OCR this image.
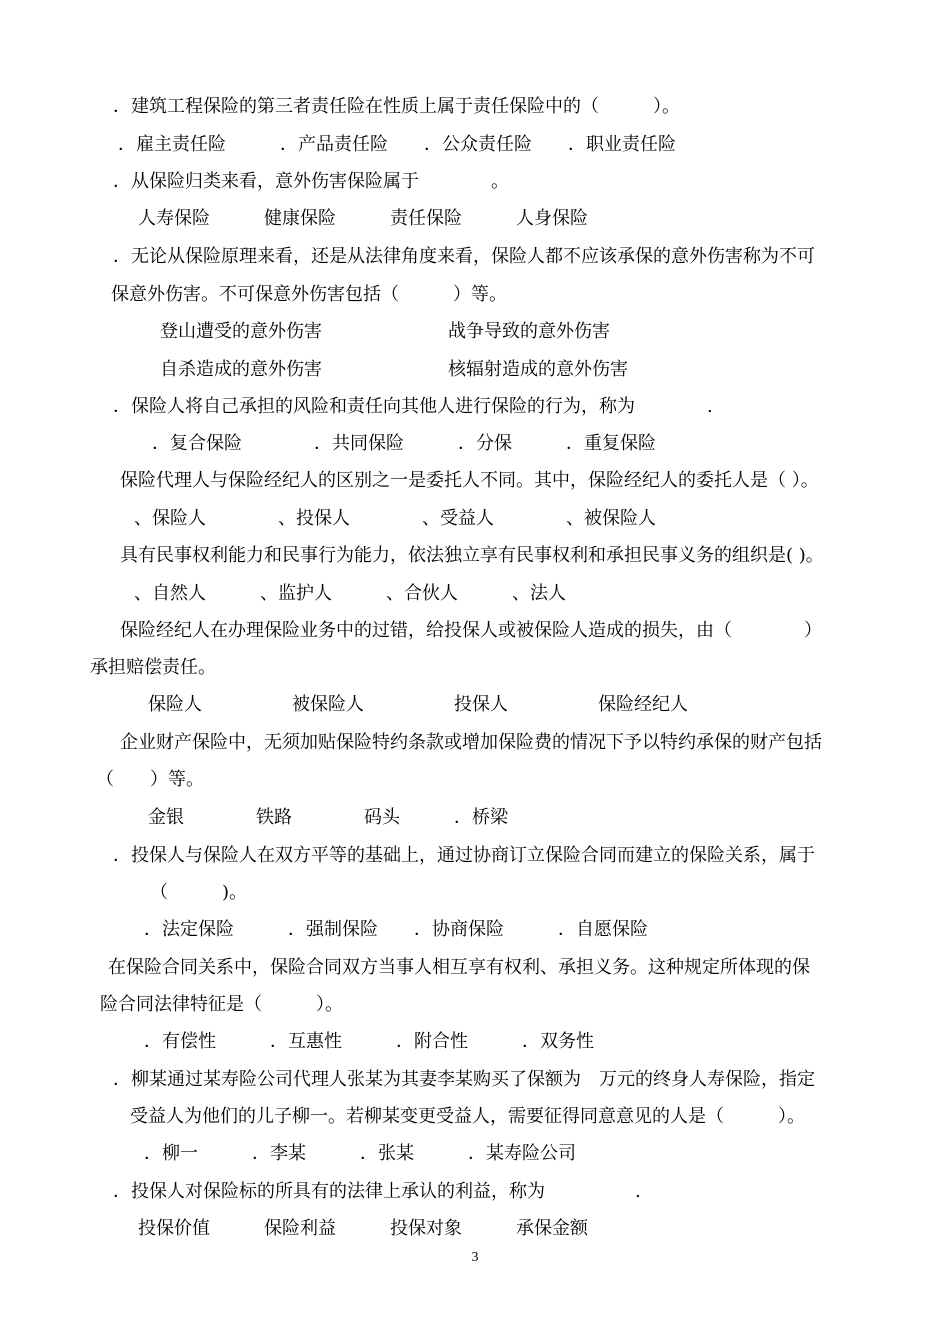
．建筑工程保险的第三者责任险在性质上属于责任保险中的（　　　）。
．雇主责任险　　　．产品责任险　　．公众责任险　　．职业责任险
．从保险归类来看，意外伤害保险属于　　　　。
人寿保险　　　健康保险　　　责任保险　　　人身保险
．无论从保险原理来看，还是从法律角度来看，保险人都不应该承保的意外伤害称为不可
保意外伤害。不可保意外伤害包括（　　　）等。
登山遭受的意外伤害　　　　　　　战争导致的意外伤害
自杀造成的意外伤害　　　　　　　核辐射造成的意外伤害
．保险人将自己承担的风险和责任向其他人进行保险的行为，称为　　　　.
．复合保险　　　　．共同保险　　　．分保　　　．重复保险
保险代理人与保险经纪人的区别之一是委托人不同。其中，保险经纪人的委托人是（ ）。
、保险人　　　　、投保人　　　　、受益人　　　　、被保险人
具有民事权利能力和民事行为能力，依法独立享有民事权利和承担民事义务的组织是( )。
、自然人　　　、监护人　　　、合伙人　　　、法人
保险经纪人在办理保险业务中的过错，给投保人或被保险人造成的损失，由（　　　　）
承担赔偿责任。
保险人　　　　　被保险人　　　　　投保人　　　　　保险经纪人
企业财产保险中，无须加贴保险特约条款或增加保险费的情况下予以特约承保的财产包括
（　　）等。
金银　　　　铁路　　　　码头　　　．桥梁
．投保人与保险人在双方平等的基础上，通过协商订立保险合同而建立的保险关系，属于
（　　　)。
．法定保险　　　．强制保险　　．协商保险　　　．自愿保险
在保险合同关系中，保险合同双方当事人相互享有权利、承担义务。这种规定所体现的保
险合同法律特征是（　　　）。
．有偿性　　　．互惠性　　　．附合性　　　．双务性
．柳某通过某寿险公司代理人张某为其妻李某购买了保额为　万元的终身人寿保险，指定
受益人为他们的儿子柳一。若柳某变更受益人，需要征得同意意见的人是（　　　）。
．柳一　　　．李某　　　．张某　　　．某寿险公司
．投保人对保险标的所具有的法律上承认的利益，称为　　　　　.
投保价值　　　保险利益　　　投保对象　　　承保金额
3
